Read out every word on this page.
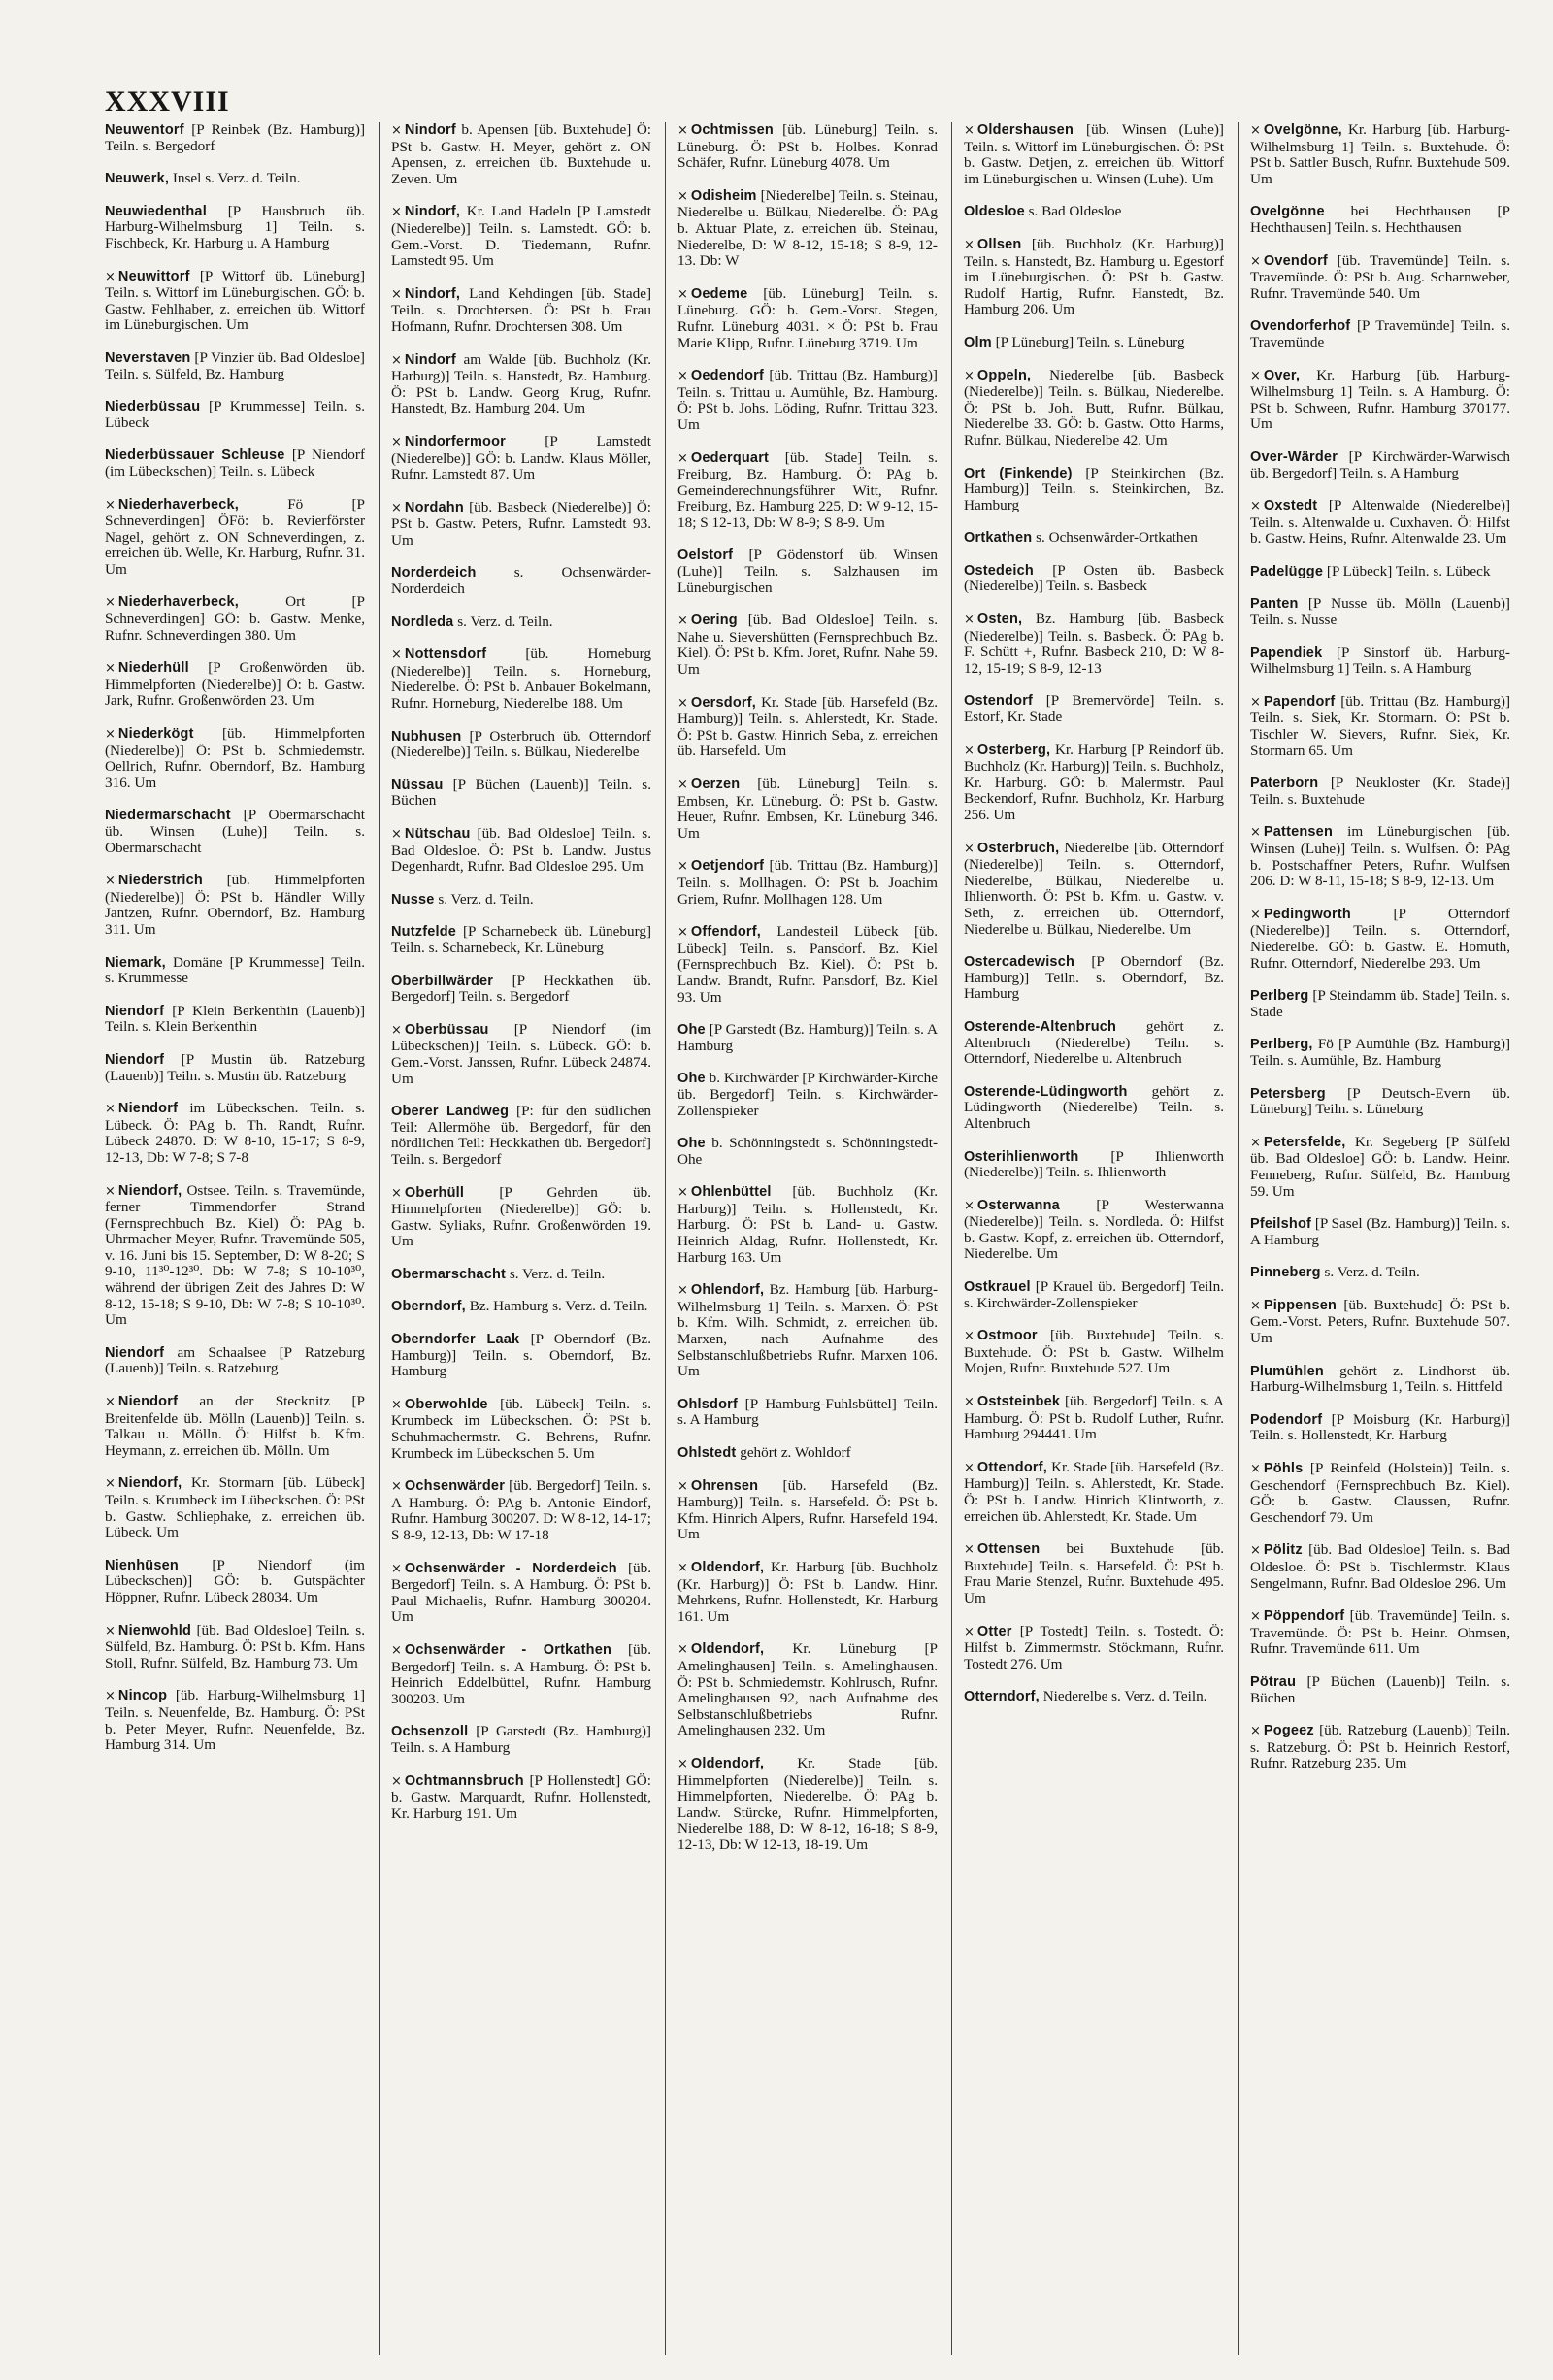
XXXVIII

Neuwentorf [P Reinbek (Bz. Hamburg)] Teiln. s. Bergedorf

Neuwerk, Insel s. Verz. d. Teiln.

Neuwiedenthal [P Hausbruch üb. Harburg-Wilhelmsburg 1] Teiln. s. Fischbeck, Kr. Harburg u. A Hamburg

× Neuwittorf [P Wittorf üb. Lüneburg] Teiln. s. Wittorf im Lüneburgischen. GÖ: b. Gastw. Fehlhaber, z. erreichen üb. Wittorf im Lüneburgischen. Um

Neverstaven [P Vinzier üb. Bad Oldesloe] Teiln. s. Sülfeld, Bz. Hamburg

Niederbüssau [P Krummesse] Teiln. s. Lübeck

Niederbüssauer Schleuse [P Niendorf (im Lübeckschen)] Teiln. s. Lübeck

× Niederhaverbeck,	Fö [P Schneverdingen] ÖFö: b. Revierförster Nagel, gehört z. ON Schneverdingen, z. erreichen üb. Welle, Kr. Harburg, Rufnr. 31. Um

× Niederhaverbeck,	Ort [P Schneverdingen] GÖ: b. Gastw. Menke, Rufnr. Schneverdingen 380. Um

× Niederhüll [P Großenwörden üb. Himmelpforten (Niederelbe)] Ö: b. Gastw. Jark, Rufnr. Großenwörden 23. Um

× Niederkögt [üb. Himmelpforten (Niederelbe)] Ö: PSt b. Schmiedemstr. Oellrich, Rufnr. Oberndorf, Bz. Hamburg 316. Um

Niedermarschacht [P Obermarschacht üb. Winsen (Luhe)] Teiln. s. Obermarschacht

× Niederstrich [üb. Himmelpforten (Niederelbe)] Ö: PSt b. Händler Willy Jantzen, Rufnr. Oberndorf, Bz. Hamburg 311. Um

Niemark, Domäne [P Krummesse] Teiln. s. Krummesse

Niendorf [P Klein Berkenthin (Lauenb)] Teiln. s. Klein Berkenthin

Niendorf [P Mustin üb. Ratzeburg (Lauenb)] Teiln. s. Mustin üb. Ratzeburg

× Niendorf im Lübeckschen. Teiln. s. Lübeck. Ö: PAg b. Th. Randt, Rufnr. Lübeck 24870. D: W 8-10, 15-17; S 8-9, 12-13, Db: W 7-8; S 7-8

× Niendorf, Ostsee. Teiln. s. Travemünde, ferner Timmendorfer Strand (Fernsprechbuch Bz. Kiel) Ö: PAg b. Uhrmacher Meyer, Rufnr. Travemünde 505, v. 16. Juni bis 15. September, D: W 8-20; S 9-10, 11³⁰-12³⁰. Db: W 7-8; S 10-10³⁰, während der übrigen Zeit des Jahres D: W 8-12, 15-18; S 9-10, Db: W 7-8; S 10-10³⁰. Um

Niendorf am Schaalsee [P Ratzeburg (Lauenb)] Teiln. s. Ratzeburg

× Niendorf an der Stecknitz [P Breitenfelde üb. Mölln (Lauenb)] Teiln. s. Talkau u. Mölln. Ö: Hilfst b. Kfm. Heymann, z. erreichen üb. Mölln. Um

× Niendorf, Kr. Stormarn [üb. Lübeck] Teiln. s. Krumbeck im Lübeckschen. Ö: PSt b. Gastw. Schliephake, z. erreichen üb. Lübeck. Um

Nienhüsen [P Niendorf (im Lübeckschen)] GÖ: b. Gutspächter Höppner, Rufnr. Lübeck 28034. Um

× Nienwohld [üb. Bad Oldesloe] Teiln. s. Sülfeld, Bz. Hamburg. Ö: PSt b. Kfm. Hans Stoll, Rufnr. Sülfeld, Bz. Hamburg 73. Um

× Nincop [üb. Harburg-Wilhelmsburg 1] Teiln. s. Neuenfelde, Bz. Hamburg. Ö: PSt b. Peter Meyer, Rufnr. Neuenfelde, Bz. Hamburg 314. Um

× Nindorf b. Apensen [üb. Buxtehude] Ö: PSt b. Gastw. H. Meyer, gehört z. ON Apensen, z. erreichen üb. Buxtehude u. Zeven. Um

× Nindorf, Kr. Land Hadeln [P Lamstedt (Niederelbe)] Teiln. s. Lamstedt. GÖ: b. Gem.-Vorst. D. Tiedemann, Rufnr. Lamstedt 95. Um

× Nindorf, Land Kehdingen [üb. Stade] Teiln. s. Drochtersen. Ö: PSt b. Frau Hofmann, Rufnr. Drochtersen 308. Um

× Nindorf am Walde [üb. Buchholz (Kr. Harburg)] Teiln. s. Hanstedt, Bz. Hamburg. Ö: PSt b. Landw. Georg Krug, Rufnr. Hanstedt, Bz. Hamburg 204. Um

× Nindorfermoor	[P Lamstedt (Niederelbe)] GÖ: b. Landw. Klaus Möller, Rufnr. Lamstedt 87. Um

× Nordahn [üb. Basbeck (Niederelbe)] Ö: PSt b. Gastw. Peters, Rufnr. Lamstedt 93. Um

Norderdeich	s. Ochsenwärder-Norderdeich

Nordleda s. Verz. d. Teiln.

× Nottensdorf	[üb. Horneburg (Niederelbe)] Teiln. s. Horneburg, Niederelbe. Ö: PSt b. Anbauer Bokelmann, Rufnr. Horneburg, Niederelbe 188. Um

Nubhusen [P Osterbruch üb. Otterndorf (Niederelbe)] Teiln. s. Bülkau, Niederelbe

Nüssau [P Büchen (Lauenb)] Teiln. s. Büchen

× Nütschau [üb. Bad Oldesloe] Teiln. s. Bad Oldesloe. Ö: PSt b. Landw. Justus Degenhardt, Rufnr. Bad Oldesloe 295. Um

Nusse s. Verz. d. Teiln.

Nutzfelde [P Scharnebeck üb. Lüneburg] Teiln. s. Scharnebeck, Kr. Lüneburg

Oberbillwärder [P Heckkathen üb. Bergedorf] Teiln. s. Bergedorf

× Oberbüssau [P Niendorf (im Lübeckschen)] Teiln. s. Lübeck. GÖ: b. Gem.-Vorst. Janssen, Rufnr. Lübeck 24874. Um

Oberer Landweg [P: für den südlichen Teil: Allermöhe üb. Bergedorf, für den nördlichen Teil: Heckkathen üb. Bergedorf] Teiln. s. Bergedorf

× Oberhüll [P Gehrden üb. Himmelpforten (Niederelbe)] GÖ: b. Gastw. Syliaks, Rufnr. Großenwörden 19. Um

Obermarschacht s. Verz. d. Teiln.

Oberndorf, Bz. Hamburg s. Verz. d. Teiln.

Oberndorfer Laak [P Oberndorf (Bz. Hamburg)] Teiln. s. Oberndorf, Bz. Hamburg

× Oberwohlde [üb. Lübeck] Teiln. s. Krumbeck im Lübeckschen. Ö: PSt b. Schuhmachermstr. G. Behrens, Rufnr. Krumbeck im Lübeckschen 5. Um

× Ochsenwärder [üb. Bergedorf] Teiln. s. A Hamburg. Ö: PAg b. Antonie Eindorf, Rufnr. Hamburg 300207. D: W 8-12, 14-17; S 8-9, 12-13, Db: W 17-18

× Ochsenwärder - Norderdeich [üb. Bergedorf] Teiln. s. A Hamburg. Ö: PSt b. Paul Michaelis, Rufnr. Hamburg 300204. Um

× Ochsenwärder - Ortkathen [üb. Bergedorf] Teiln. s. A Hamburg. Ö: PSt b. Heinrich Eddelbüttel, Rufnr. Hamburg 300203. Um

Ochsenzoll [P Garstedt (Bz. Hamburg)] Teiln. s. A Hamburg

× Ochtmannsbruch [P Hollenstedt] GÖ: b. Gastw. Marquardt, Rufnr. Hollenstedt, Kr. Harburg 191. Um

× Ochtmissen [üb. Lüneburg] Teiln. s. Lüneburg. Ö: PSt b. Holbes. Konrad Schäfer, Rufnr. Lüneburg 4078. Um

× Odisheim [Niederelbe] Teiln. s. Steinau, Niederelbe u. Bülkau, Niederelbe. Ö: PAg b. Aktuar Plate, z. erreichen üb. Steinau, Niederelbe, D: W 8-12, 15-18; S 8-9, 12-13. Db: W

× Oedeme [üb. Lüneburg] Teiln. s. Lüneburg. GÖ: b. Gem.-Vorst. Stegen, Rufnr. Lüneburg 4031. × Ö: PSt b. Frau Marie Klipp, Rufnr. Lüneburg 3719. Um

× Oedendorf [üb. Trittau (Bz. Hamburg)] Teiln. s. Trittau u. Aumühle, Bz. Hamburg. Ö: PSt b. Johs. Löding, Rufnr. Trittau 323. Um

× Oederquart [üb. Stade] Teiln. s. Freiburg, Bz. Hamburg. Ö: PAg b. Gemeinderechnungsführer Witt, Rufnr. Freiburg, Bz. Hamburg 225, D: W 9-12, 15-18; S 12-13, Db: W 8-9; S 8-9. Um

Oelstorf [P Gödenstorf üb. Winsen (Luhe)] Teiln. s. Salzhausen im Lüneburgischen

× Oering [üb. Bad Oldesloe] Teiln. s. Nahe u. Sievershütten (Fernsprechbuch Bz. Kiel). Ö: PSt b. Kfm. Joret, Rufnr. Nahe 59. Um

× Oersdorf, Kr. Stade [üb. Harsefeld (Bz. Hamburg)] Teiln. s. Ahlerstedt, Kr. Stade. Ö: PSt b. Gastw. Hinrich Seba, z. erreichen üb. Harsefeld. Um

× Oerzen [üb. Lüneburg] Teiln. s. Embsen, Kr. Lüneburg. Ö: PSt b. Gastw. Heuer, Rufnr. Embsen, Kr. Lüneburg 346. Um

× Oetjendorf [üb. Trittau (Bz. Hamburg)] Teiln. s. Mollhagen. Ö: PSt b. Joachim Griem, Rufnr. Mollhagen 128. Um

× Offendorf, Landesteil Lübeck [üb. Lübeck] Teiln. s. Pansdorf. Bz. Kiel (Fernsprechbuch Bz. Kiel). Ö: PSt b. Landw. Brandt, Rufnr. Pansdorf, Bz. Kiel 93. Um

Ohe [P Garstedt (Bz. Hamburg)] Teiln. s. A Hamburg

Ohe b. Kirchwärder [P Kirchwärder-Kirche üb. Bergedorf] Teiln. s. Kirchwärder-Zollenspieker

Ohe b. Schönningstedt s. Schönningstedt-Ohe

× Ohlenbüttel [üb. Buchholz (Kr. Harburg)] Teiln. s. Hollenstedt, Kr. Harburg. Ö: PSt b. Land- u. Gastw. Heinrich Aldag, Rufnr. Hollenstedt, Kr. Harburg 163. Um

× Ohlendorf, Bz. Hamburg [üb. Harburg-Wilhelmsburg 1] Teiln. s. Marxen. Ö: PSt b. Kfm. Wilh. Schmidt, z. erreichen üb. Marxen, nach Aufnahme des Selbstanschlußbetriebs Rufnr. Marxen 106. Um

Ohlsdorf [P Hamburg-Fuhlsbüttel] Teiln. s. A Hamburg

Ohlstedt gehört z. Wohldorf

× Ohrensen [üb. Harsefeld (Bz. Hamburg)] Teiln. s. Harsefeld. Ö: PSt b. Kfm. Hinrich Alpers, Rufnr. Harsefeld 194. Um

× Oldendorf, Kr. Harburg [üb. Buchholz (Kr. Harburg)] Ö: PSt b. Landw. Hinr. Mehrkens, Rufnr. Hollenstedt, Kr. Harburg 161. Um

× Oldendorf, Kr. Lüneburg [P Amelinghausen] Teiln. s. Amelinghausen. Ö: PSt b. Schmiedemstr. Kohlrusch, Rufnr. Amelinghausen 92, nach Aufnahme des Selbstanschlußbetriebs Rufnr. Amelinghausen 232. Um

× Oldendorf, Kr. Stade [üb. Himmelpforten (Niederelbe)] Teiln. s. Himmelpforten, Niederelbe. Ö: PAg b. Landw. Stürcke, Rufnr. Himmelpforten, Niederelbe 188, D: W 8-12, 16-18; S 8-9, 12-13, Db: W 12-13, 18-19. Um

× Oldershausen [üb. Winsen (Luhe)] Teiln. s. Wittorf im Lüneburgischen. Ö: PSt b. Gastw. Detjen, z. erreichen üb. Wittorf im Lüneburgischen u. Winsen (Luhe). Um

Oldesloe s. Bad Oldesloe

× Ollsen [üb. Buchholz (Kr. Harburg)] Teiln. s. Hanstedt, Bz. Hamburg u. Egestorf im Lüneburgischen. Ö: PSt b. Gastw. Rudolf Hartig, Rufnr. Hanstedt, Bz. Hamburg 206. Um

Olm [P Lüneburg] Teiln. s. Lüneburg

× Oppeln, Niederelbe [üb. Basbeck (Niederelbe)] Teiln. s. Bülkau, Niederelbe. Ö: PSt b. Joh. Butt, Rufnr. Bülkau, Niederelbe 33. GÖ: b. Gastw. Otto Harms, Rufnr. Bülkau, Niederelbe 42. Um

Ort (Finkende) [P Steinkirchen (Bz. Hamburg)] Teiln. s. Steinkirchen, Bz. Hamburg

Ortkathen s. Ochsenwärder-Ortkathen

Ostedeich [P Osten üb. Basbeck (Niederelbe)] Teiln. s. Basbeck

× Osten, Bz. Hamburg [üb. Basbeck (Niederelbe)] Teiln. s. Basbeck. Ö: PAg b. F. Schütt +, Rufnr. Basbeck 210, D: W 8-12, 15-19; S 8-9, 12-13

Ostendorf [P Bremervörde] Teiln. s. Estorf, Kr. Stade

× Osterberg, Kr. Harburg [P Reindorf üb. Buchholz (Kr. Harburg)] Teiln. s. Buchholz, Kr. Harburg. GÖ: b. Malermstr. Paul Beckendorf, Rufnr. Buchholz, Kr. Harburg 256. Um

× Osterbruch, Niederelbe [üb. Otterndorf (Niederelbe)] Teiln. s. Otterndorf, Niederelbe, Bülkau, Niederelbe u. Ihlienworth. Ö: PSt b. Kfm. u. Gastw. v. Seth, z. erreichen üb. Otterndorf, Niederelbe u. Bülkau, Niederelbe. Um

Ostercadewisch [P Oberndorf (Bz. Hamburg)] Teiln. s. Oberndorf, Bz. Hamburg

Osterende-Altenbruch gehört z. Altenbruch (Niederelbe) Teiln. s. Otterndorf, Niederelbe u. Altenbruch

Osterende-Lüdingworth gehört z. Lüdingworth (Niederelbe) Teiln. s. Altenbruch

Osterihlienworth [P Ihlienworth (Niederelbe)] Teiln. s. Ihlienworth

× Osterwanna [P Westerwanna (Niederelbe)] Teiln. s. Nordleda. Ö: Hilfst b. Gastw. Kopf, z. erreichen üb. Otterndorf, Niederelbe. Um

Ostkrauel [P Krauel üb. Bergedorf] Teiln. s. Kirchwärder-Zollenspieker

× Ostmoor [üb. Buxtehude] Teiln. s. Buxtehude. Ö: PSt b. Gastw. Wilhelm Mojen, Rufnr. Buxtehude 527. Um

× Oststeinbek [üb. Bergedorf] Teiln. s. A Hamburg. Ö: PSt b. Rudolf Luther, Rufnr. Hamburg 294441. Um

× Ottendorf, Kr. Stade [üb. Harsefeld (Bz. Hamburg)] Teiln. s. Ahlerstedt, Kr. Stade. Ö: PSt b. Landw. Hinrich Klintworth, z. erreichen üb. Ahlerstedt, Kr. Stade. Um

× Ottensen bei Buxtehude [üb. Buxtehude] Teiln. s. Harsefeld. Ö: PSt b. Frau Marie Stenzel, Rufnr. Buxtehude 495. Um

× Otter [P Tostedt] Teiln. s. Tostedt. Ö: Hilfst b. Zimmermstr. Stöckmann, Rufnr. Tostedt 276. Um

Otterndorf, Niederelbe s. Verz. d. Teiln.

× Ovelgönne, Kr. Harburg [üb. Harburg-Wilhelmsburg 1] Teiln. s. Buxtehude. Ö: PSt b. Sattler Busch, Rufnr. Buxtehude 509. Um

Ovelgönne bei Hechthausen [P Hechthausen] Teiln. s. Hechthausen

× Ovendorf [üb. Travemünde] Teiln. s. Travemünde. Ö: PSt b. Aug. Scharnweber, Rufnr. Travemünde 540. Um

Ovendorferhof [P Travemünde] Teiln. s. Travemünde

× Over, Kr. Harburg [üb. Harburg-Wilhelmsburg 1] Teiln. s. A Hamburg. Ö: PSt b. Schween, Rufnr. Hamburg 370177. Um

Over-Wärder [P Kirchwärder-Warwisch üb. Bergedorf] Teiln. s. A Hamburg

× Oxstedt [P Altenwalde (Niederelbe)] Teiln. s. Altenwalde u. Cuxhaven. Ö: Hilfst b. Gastw. Heins, Rufnr. Altenwalde 23. Um

Padelügge [P Lübeck] Teiln. s. Lübeck

Panten [P Nusse üb. Mölln (Lauenb)] Teiln. s. Nusse

Papendiek [P Sinstorf üb. Harburg-Wilhelmsburg 1] Teiln. s. A Hamburg

× Papendorf [üb. Trittau (Bz. Hamburg)] Teiln. s. Siek, Kr. Stormarn. Ö: PSt b. Tischler W. Sievers, Rufnr. Siek, Kr. Stormarn 65. Um

Paterborn [P Neukloster (Kr. Stade)] Teiln. s. Buxtehude

× Pattensen im Lüneburgischen [üb. Winsen (Luhe)] Teiln. s. Wulfsen. Ö: PAg b. Postschaffner Peters, Rufnr. Wulfsen 206. D: W 8-11, 15-18; S 8-9, 12-13. Um

× Pedingworth	[P Otterndorf (Niederelbe)] Teiln. s. Otterndorf, Niederelbe. GÖ: b. Gastw. E. Homuth, Rufnr. Otterndorf, Niederelbe 293. Um

Perlberg [P Steindamm üb. Stade] Teiln. s. Stade

Perlberg, Fö [P Aumühle (Bz. Hamburg)] Teiln. s. Aumühle, Bz. Hamburg

Petersberg [P Deutsch-Evern üb. Lüneburg] Teiln. s. Lüneburg

× Petersfelde, Kr. Segeberg [P Sülfeld üb. Bad Oldesloe] GÖ: b. Landw. Heinr. Fenneberg, Rufnr. Sülfeld, Bz. Hamburg 59. Um

Pfeilshof [P Sasel (Bz. Hamburg)] Teiln. s. A Hamburg

Pinneberg s. Verz. d. Teiln.

× Pippensen [üb. Buxtehude] Ö: PSt b. Gem.-Vorst. Peters, Rufnr. Buxtehude 507. Um

Plumühlen gehört z. Lindhorst üb. Harburg-Wilhelmsburg 1, Teiln. s. Hittfeld

Podendorf [P Moisburg (Kr. Harburg)] Teiln. s. Hollenstedt, Kr. Harburg

× Pöhls [P Reinfeld (Holstein)] Teiln. s. Geschendorf (Fernsprechbuch Bz. Kiel). GÖ: b. Gastw. Claussen, Rufnr. Geschendorf 79. Um

× Pölitz [üb. Bad Oldesloe] Teiln. s. Bad Oldesloe. Ö: PSt b. Tischlermstr. Klaus Sengelmann, Rufnr. Bad Oldesloe 296. Um

× Pöppendorf [üb. Travemünde] Teiln. s. Travemünde. Ö: PSt b. Heinr. Ohmsen, Rufnr. Travemünde 611. Um

Pötrau [P Büchen (Lauenb)] Teiln. s. Büchen

× Pogeez [üb. Ratzeburg (Lauenb)] Teiln. s. Ratzeburg. Ö: PSt b. Heinrich Restorf, Rufnr. Ratzeburg 235. Um
